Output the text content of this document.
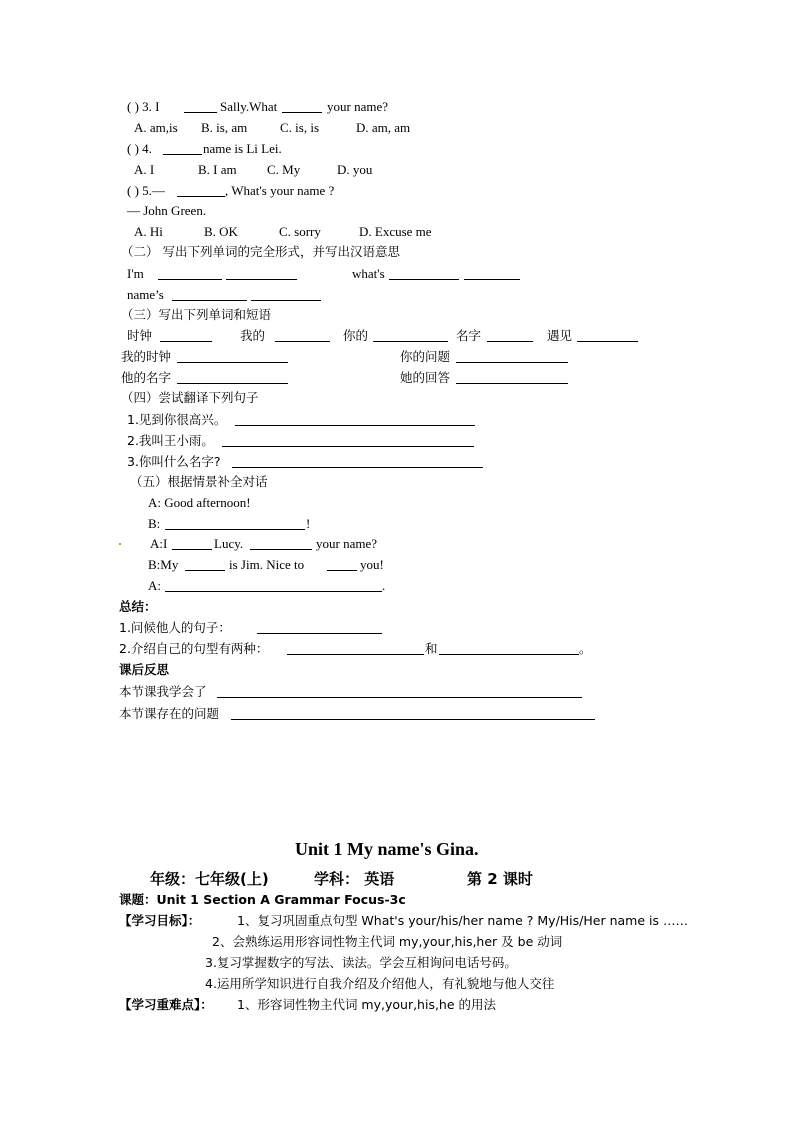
( ) 3. I	Sally.What	your name?
A. am,is B. is, am	C. is, is	D. am, am
( ) 4.	name is Li Lei.
A. I	B. I am C. My	D. you
( ) 5.—	, What's your name ?
— John Green.
A. Hi	B. OK	C. sorry	D. Excuse me
（二） 写出下列单词的完全形式，并写出汉语意思
I'm	what's
name’s
（三）写出下列单词和短语
时钟	我的	你的	名字	遇见
我的时钟	你的问题
他的名字	她的回答
（四）尝试翻译下列句子
1.见到你很高兴。
2.我叫王小雨。
3.你叫什么名字?
（五）根据情景补全对话
A: Good afternoon!
B:	!
A:I	Lucy.	your name?
B:My	is Jim. Nice to	you!
A:	.
总结：
1.问候他人的句子：
2.介绍自己的句型有两种：	和	。
课后反思
本节课我学会了
本节课存在的问题
Unit 1 My name's Gina.
年级：七年级(上)	学科： 英语	第 2 课时
课题：Unit 1 Section A Grammar Focus-3c
【学习目标】：	1、复习巩固重点句型 What's your/his/her name ? My/His/Her name is ……
2、会熟练运用形容词性物主代词 my,your,his,her 及 be 动词
3.复习掌握数字的写法、读法。学会互相询问电话号码。
4.运用所学知识进行自我介绍及介绍他人，有礼貌地与他人交往
【学习重难点】： 1、形容词性物主代词 my,your,his,he 的用法
